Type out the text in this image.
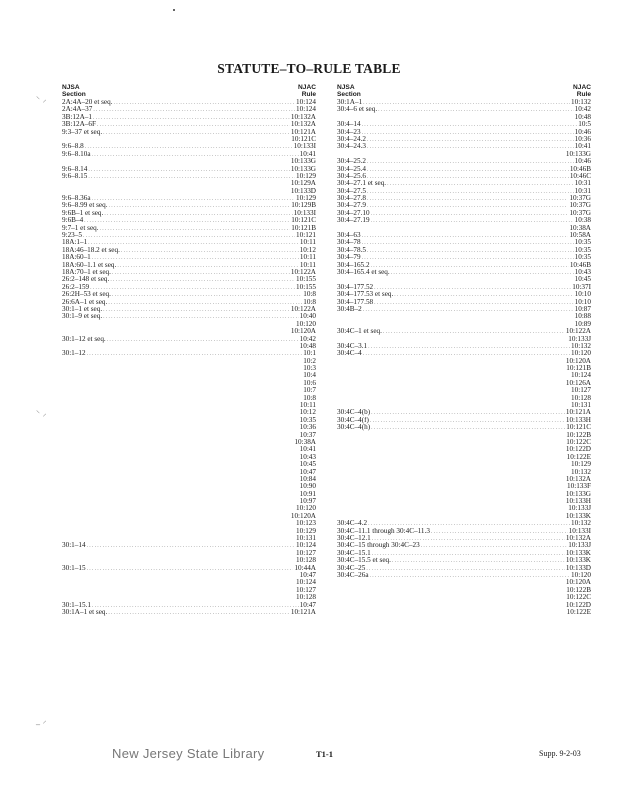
⸌ ⸝
⸌ ⸝
_ ⸝
STATUTE–TO–RULE TABLE
NJSA
Section
NJAC
Rule
2A:4A–20 et seq. .....	10:124
2A:4A–37 .....	10:124
3B:12A–1 .....	10:132A
3B:12A–6F .....	10:132A
9:3–37 et seq. .....	10:121A
10:121C
9:6–8.8 .....	10:133I
9:6–8.10a .....	10:41
10:133G
9:6–8.14 .....	10:133G
9:6–8.15 .....	10:129
10:129A
10:133D
9:6–8.36a .....	10:129
9:6–8.99 et seq. .....	10:129B
9:6B–1 et seq. .....	10:133I
9:6B–4 .....	10:121C
9:7–1 et seq. .....	10:121B
9:23–5 .....	10:121
18A:1–1 .....	10:11
18A:46–18.2 et seq. .....	10:12
18A:60–1 .....	10:11
18A:60–1.1 et seq. .....	10:11
18A:70–1 et seq. .....	10:122A
26:2–148 et seq. .....	10:155
26:2–159 .....	10:155
26:2H–53 et seq. .....	10:8
26:6A–1 et seq. .....	10:8
30:1–1 et seq. .....	10:122A
30:1–9 et seq. .....	10:40
10:120
10:120A
30:1–12 et seq. .....	10:42
10:48
30:1–12 .....	10:1
10:2
10:3
10:4
10:6
10:7
10:8
10:11
10:12
10:35
10:36
10:37
10:38A
10:41
10:43
10:45
10:47
10:84
10:90
10:91
10:97
10:120
10:120A
10:123
10:129
10:131
30:1–14 .....	10:124
10:127
10:128
30:1–15 .....	10:44A
10:47
10:124
10:127
10:128
30:1–15.1 .....	10:47
30:1A–1 et seq. .....	10:121A
NJSA
Section
NJAC
Rule
30:1A–1 .....	10:132
30:4–6 et seq. .....	10:42
10:48
30:4–14 .....	10:5
30:4–23 .....	10:46
30:4–24.2 .....	10:36
30:4–24.3 .....	10:41
10:133G
30:4–25.2 .....	10:46
30:4–25.4 .....	10:46B
30:4–25.6 .....	10:46C
30:4–27.1 et seq. .....	10:31
30:4–27.5 .....	10:31
30:4–27.8 .....	10:37G
30:4–27.9 .....	10:37G
30:4–27.10 .....	10:37G
30:4–27.19 .....	10:38
10:38A
30:4–63 .....	10:58A
30:4–78 .....	10:35
30:4–78.5 .....	10:35
30:4–79 .....	10:35
30:4–165.2 .....	10:46B
30:4–165.4 et seq. .....	10:43
10:45
30:4–177.52 .....	10:37I
30:4–177.53 et seq. .....	10:10
30:4–177.58 .....	10:10
30:4B–2 .....	10:87
10:88
10:89
30:4C–1 et seq. .....	10:122A
10:133J
30:4C–3.1 .....	10:132
30:4C–4 .....	10:120
10:120A
10:121B
10:124
10:126A
10:127
10:128
10:131
30:4C–4(b) .....	10:121A
30:4C–4(f) .....	10:133H
30:4C–4(h) .....	10:121C
10:122B
10:122C
10:122D
10:122E
10:129
10:132
10:132A
10:133F
10:133G
10:133H
10:133J
10:133K
30:4C–4.2 .....	10:132
30:4C–11.1 through 30:4C–11.3 .....	10:133I
30:4C–12.1 .....	10:132A
30:4C–15 through 30:4C–23 .....	10:133J
30:4C–15.1 .....	10:133K
30:4C–15.5 et seq. .....	10:133K
30:4C–25 .....	10:133D
30:4C–26a .....	10:120
10:120A
10:122B
10:122C
10:122D
10:122E
New Jersey State Library	T1-1	Supp. 9-2-03
